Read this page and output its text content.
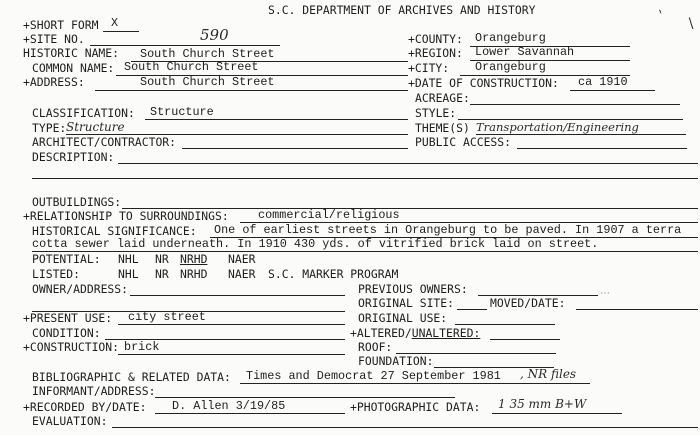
S.C. DEPARTMENT OF ARCHIVES AND HISTORY	ˋ ∖
+SHORT FORM X
+SITE NO.	590
HISTORIC NAME: South Church Street
COMMON NAME: South Church Street
+ADDRESS:	South Church Street
+COUNTY: Orangeburg
+REGION: Lower Savannah
+CITY: Orangeburg
+DATE OF CONSTRUCTION: ca 1910
ACREAGE:
CLASSIFICATION: Structure	STYLE:
TYPE: Structure	THEME(S) Transportation/Engineering
ARCHITECT/CONTRACTOR:	PUBLIC ACCESS:
DESCRIPTION:
OUTBUILDINGS:
+RELATIONSHIP TO SURROUNDINGS: commercial/religious
HISTORICAL SIGNIFICANCE: One of earliest streets in Orangeburg to be paved. In 1907 a terra
cotta sewer laid underneath. In 1910 430 yds. of vitrified brick laid on street.
POTENTIAL: NHL NR NRHD NAER
LISTED:	NHL NR NRHD NAER S.C. MARKER PROGRAM
OWNER/ADDRESS:	PREVIOUS OWNERS:
ORIGINAL SITE:	MOVED/DATE:
⋯
+PRESENT USE: city street	ORIGINAL USE:
CONDITION:	+ALTERED/UNALTERED:
+CONSTRUCTION: brick	ROOF:
FOUNDATION:
BIBLIOGRAPHIC & RELATED DATA: Times and Democrat 27 September 1981 , NR files
INFORMANT/ADDRESS:
+RECORDED BY/DATE: D. Allen 3/19/85	+PHOTOGRAPHIC DATA: 1 35 mm B+W
EVALUATION:
